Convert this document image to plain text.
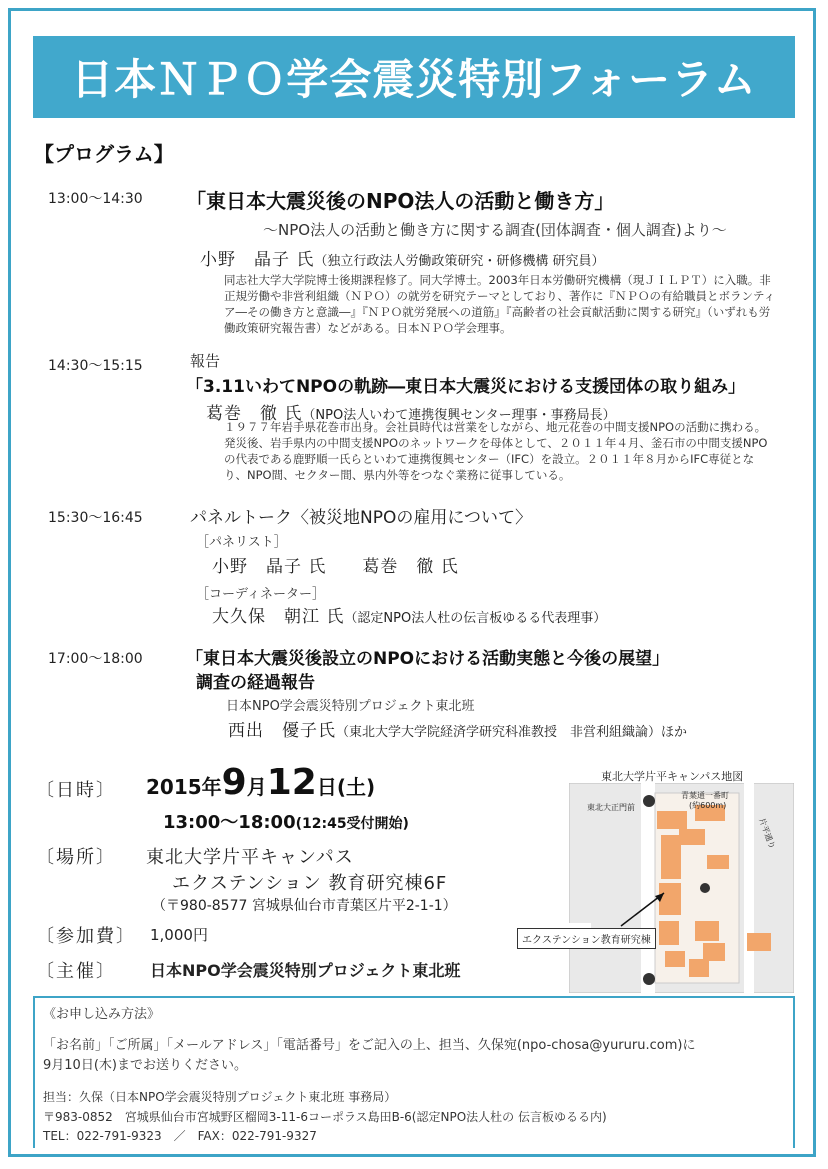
日本ＮＰＯ学会震災特別フォーラム
【プログラム】
13:00〜14:30 「東日本大震災後のNPO法人の活動と働き方」
〜NPO法人の活動と働き方に関する調査(団体調査・個人調査)より〜
小野　晶子 氏（独立行政法人労働政策研究・研修機構 研究員）
同志社大学大学院博士後期課程修了。同大学博士。2003年日本労働研究機構（現ＪＩＬＰＴ）に入職。非正規労働や非営利組織（ＮＰＯ）の就労を研究テーマとしており、著作に『ＮＰＯの有給職員とボランティア―その働き方と意識―』『ＮＰＯ就労発展への道筋』『高齢者の社会貢献活動に関する研究』（いずれも労働政策研究報告書）などがある。日本ＮＰＯ学会理事。
14:30〜15:15	報告
「3.11いわてNPOの軌跡―東日本大震災における支援団体の取り組み」
葛巻　徹 氏（NPO法人いわて連携復興センター理事・事務局長）
１９７７年岩手県花巻市出身。会社員時代は営業をしながら、地元花巻の中間支援NPOの活動に携わる。発災後、岩手県内の中間支援NPOのネットワークを母体として、２０１１年４月、釜石市の中間支援NPOの代表である鹿野順一氏らといわて連携復興センター（IFC）を設立。２０１１年８月からIFC専従となり、NPO間、セクター間、県内外等をつなぐ業務に従事している。
15:30〜16:45	パネルトーク〈被災地NPOの雇用について〉
［パネリスト］
小野　晶子 氏　　葛巻　徹 氏
［コーディネーター］
大久保　朝江 氏（認定NPO法人杜の伝言板ゆるる代表理事）
17:00〜18:00	「東日本大震災後設立のNPOにおける活動実態と今後の展望」
調査の経過報告
日本NPO学会震災特別プロジェクト東北班
西出　優子氏（東北大学大学院経済学研究科准教授　非営利組織論）ほか
〔日時〕 2015年9月12日(土)
13:00〜18:00(12:45受付開始)
〔場所〕 東北大学片平キャンパス
エクステンション 教育研究棟6F
（〒980-8577 宮城県仙台市青葉区片平2-1-1）
〔参加費〕 1,000円
〔主催〕 日本NPO学会震災特別プロジェクト東北班
東北大学片平キャンパス地図
東北大正門前
青葉通一番町
(約600m)
片平通り
エクステンション教育研究棟
《お申し込み方法》
「お名前」「ご所属」「メールアドレス」「電話番号」をご記入の上、担当、久保宛(npo-chosa@yururu.com)に
9月10日(木)までお送りください。
担当：久保（日本NPO学会震災特別プロジェクト東北班 事務局）
〒983-0852　宮城県仙台市宮城野区榴岡3-11-6コーポラス島田B-6(認定NPO法人杜の 伝言板ゆるる内)
TEL：022-791-9323　／　FAX：022-791-9327
